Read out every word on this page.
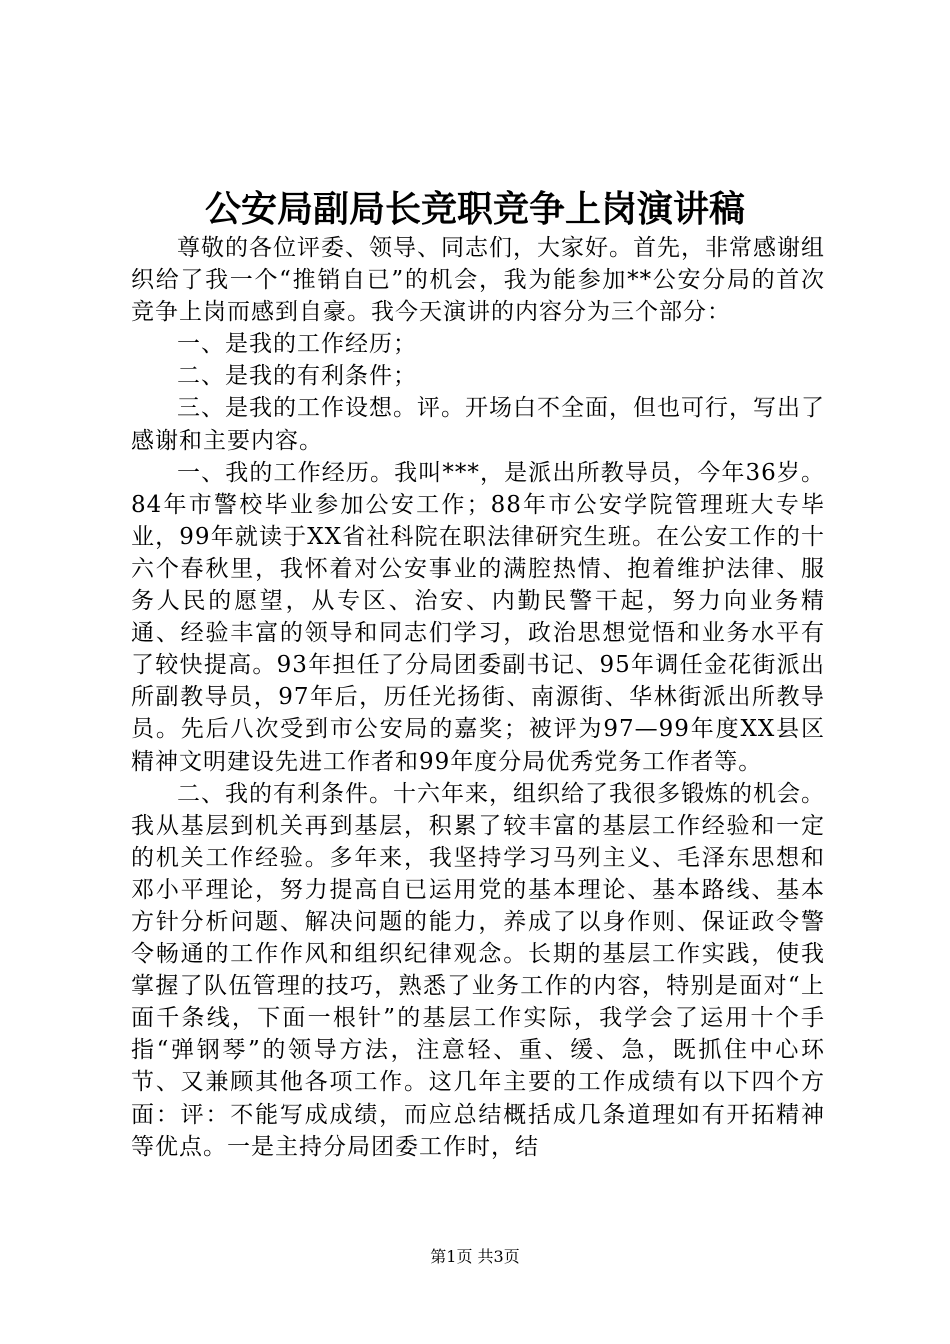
公安局副局长竞职竞争上岗演讲稿

尊敬的各位评委、领导、同志们，大家好。首先，非常感谢组织给了我一个“推销自已”的机会，我为能参加**公安分局的首次竞争上岗而感到自豪。我今天演讲的内容分为三个部分：

一、是我的工作经历；

二、是我的有利条件；

三、是我的工作设想。评。开场白不全面，但也可行，写出了感谢和主要内容。

一、我的工作经历。我叫***，是派出所教导员，今年36岁。84年市警校毕业参加公安工作；88年市公安学院管理班大专毕业，99年就读于XX省社科院在职法律研究生班。在公安工作的十六个春秋里，我怀着对公安事业的满腔热情、抱着维护法律、服务人民的愿望，从专区、治安、内勤民警干起，努力向业务精通、经验丰富的领导和同志们学习，政治思想觉悟和业务水平有了较快提高。93年担任了分局团委副书记、95年调任金花街派出所副教导员，97年后，历任光扬街、南源街、华林街派出所教导员。先后八次受到市公安局的嘉奖；被评为97—99年度XX县区精神文明建设先进工作者和99年度分局优秀党务工作者等。

二、我的有利条件。十六年来，组织给了我很多锻炼的机会。我从基层到机关再到基层，积累了较丰富的基层工作经验和一定的机关工作经验。多年来，我坚持学习马列主义、毛泽东思想和邓小平理论，努力提高自已运用党的基本理论、基本路线、基本方针分析问题、解决问题的能力，养成了以身作则、保证政令警令畅通的工作作风和组织纪律观念。长期的基层工作实践，使我掌握了队伍管理的技巧，熟悉了业务工作的内容，特别是面对“上面千条线，下面一根针”的基层工作实际，我学会了运用十个手指“弹钢琴”的领导方法，注意轻、重、缓、急，既抓住中心环节、又兼顾其他各项工作。这几年主要的工作成绩有以下四个方面：评：不能写成成绩，而应总结概括成几条道理如有开拓精神等优点。一是主持分局团委工作时，结

第1页 共3页
